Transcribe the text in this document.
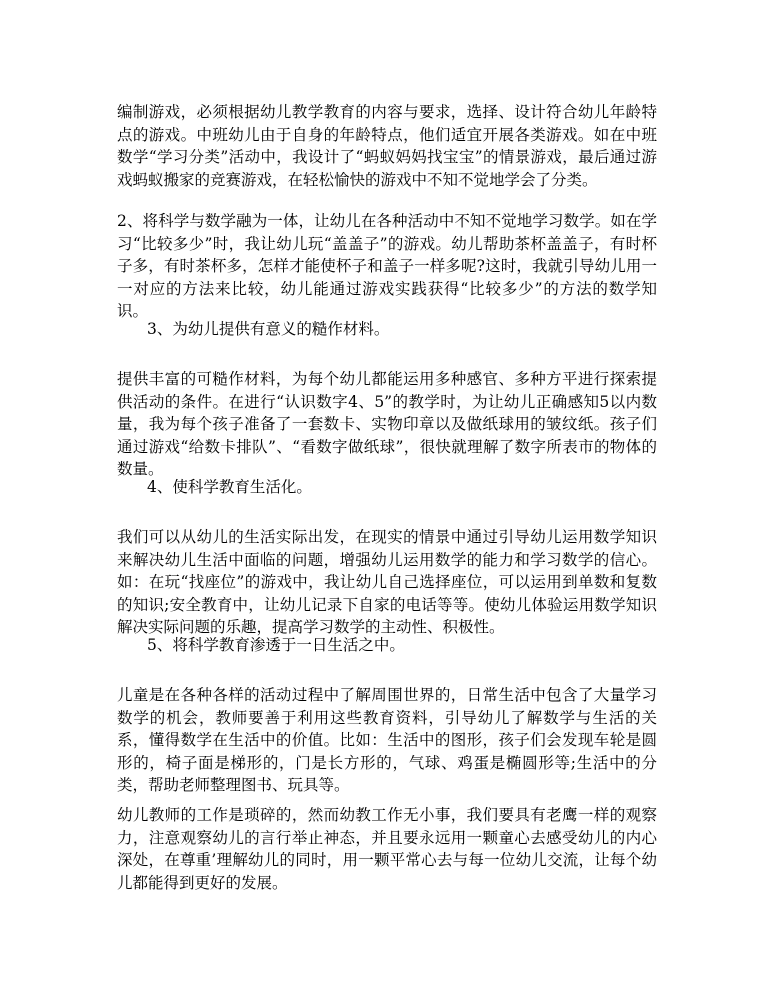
编制游戏，必须根据幼儿教学教育的内容与要求，选择、设计符合幼儿年龄特点的游戏。中班幼儿由于自身的年龄特点，他们适宜开展各类游戏。如在中班数学“学习分类”活动中，我设计了“蚂蚁妈妈找宝宝”的情景游戏，最后通过游戏蚂蚁搬家的竞赛游戏，在轻松愉快的游戏中不知不觉地学会了分类。

2、将科学与数学融为一体，让幼儿在各种活动中不知不觉地学习数学。如在学习“比较多少”时，我让幼儿玩“盖盖子”的游戏。幼儿帮助茶杯盖盖子，有时杯子多，有时茶杯多，怎样才能使杯子和盖子一样多呢?这时，我就引导幼儿用一一对应的方法来比较，幼儿能通过游戏实践获得“比较多少”的方法的数学知识。

3、为幼儿提供有意义的糙作材料。

提供丰富的可糙作材料，为每个幼儿都能运用多种感官、多种方平进行探索提供活动的条件。在进行“认识数字4、5”的教学时，为让幼儿正确感知5以内数量，我为每个孩子准备了一套数卡、实物印章以及做纸球用的皱纹纸。孩子们通过游戏“给数卡排队”、“看数字做纸球”，很快就理解了数字所表市的物体的数量。

4、使科学教育生活化。

我们可以从幼儿的生活实际出发，在现实的情景中通过引导幼儿运用数学知识来解决幼儿生活中面临的问题，增强幼儿运用数学的能力和学习数学的信心。如：在玩“找座位”的游戏中，我让幼儿自己选择座位，可以运用到单数和复数的知识;安全教育中，让幼儿记录下自家的电话等等。使幼儿体验运用数学知识解决实际问题的乐趣，提高学习数学的主动性、积极性。

5、将科学教育渗透于一日生活之中。

儿童是在各种各样的活动过程中了解周围世界的，日常生活中包含了大量学习数学的机会，教师要善于利用这些教育资料，引导幼儿了解数学与生活的关系，懂得数学在生活中的价值。比如：生活中的图形，孩子们会发现车轮是圆形的，椅子面是梯形的，门是长方形的，气球、鸡蛋是椭圆形等;生活中的分类，帮助老师整理图书、玩具等。

幼儿教师的工作是琐碎的，然而幼教工作无小事，我们要具有老鹰一样的观察力，注意观察幼儿的言行举止神态，并且要永远用一颗童心去感受幼儿的内心深处，在尊重’理解幼儿的同时，用一颗平常心去与每一位幼儿交流，让每个幼儿都能得到更好的发展。
